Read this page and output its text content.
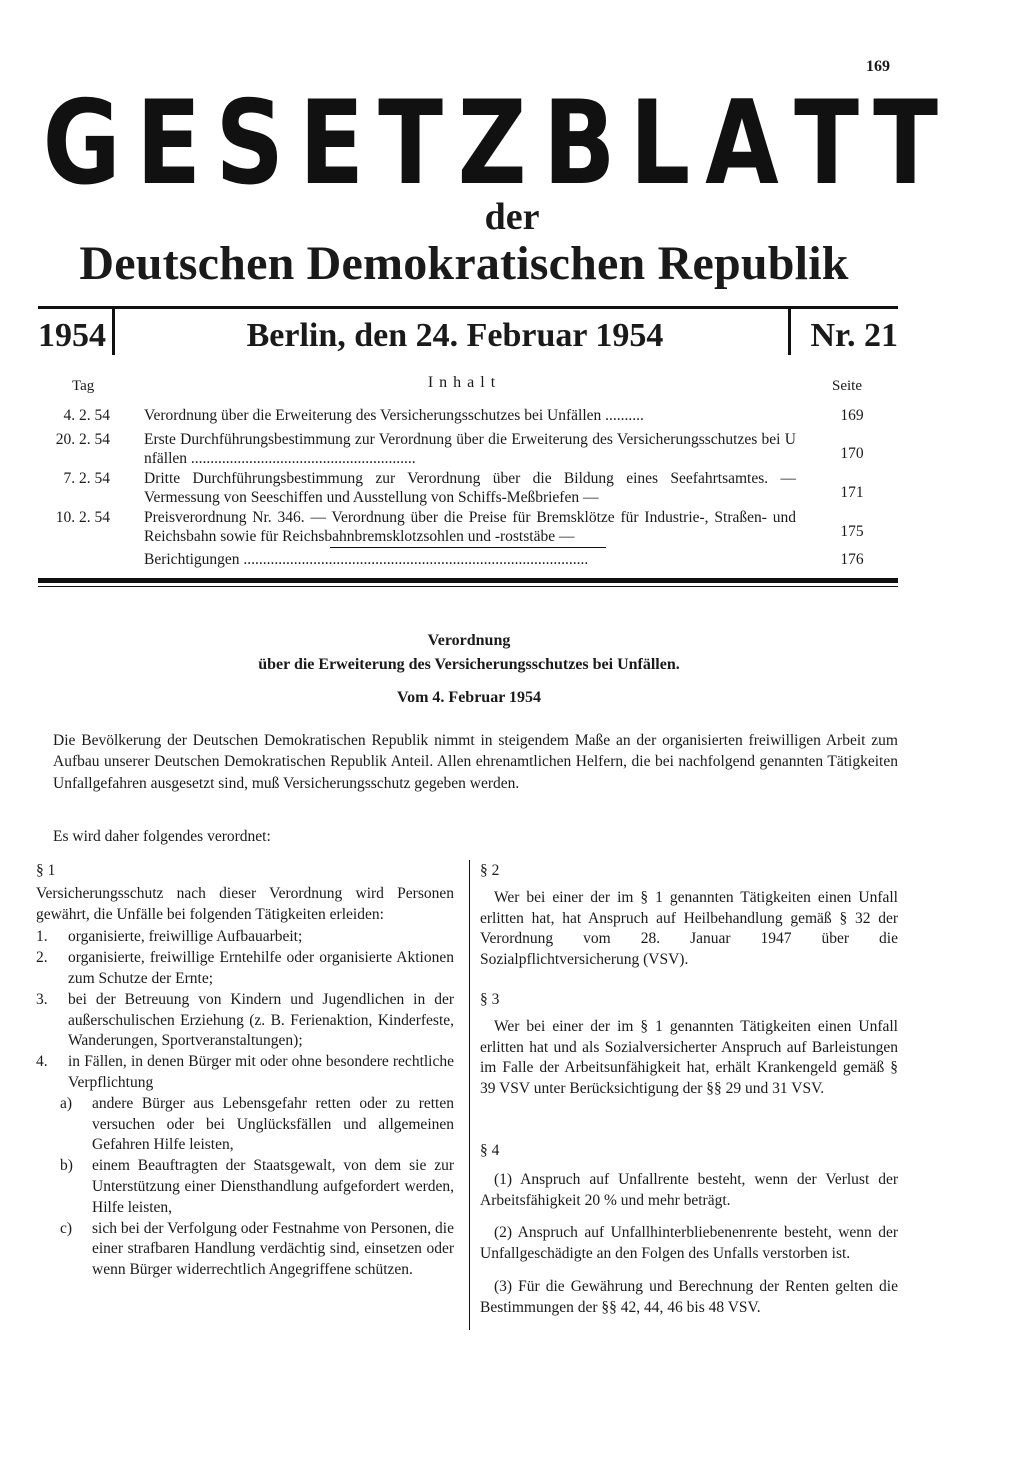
169
G E S E T Z B L A T T
der
Deutschen Demokratischen Republik
1954	Berlin, den 24. Februar 1954	Nr. 21
Tag	I n h a l t	Seite
4. 2. 54 Verordnung über die Erweiterung des Versicherungsschutzes bei Unfällen ..........	169
20. 2. 54 Erste Durchführungsbestimmung zur Verordnung über die Erweiterung des Versicherungsschutzes bei Unfällen ..........................................................	170
7. 2. 54 Dritte Durchführungsbestimmung zur Verordnung über die Bildung eines Seefahrtsamtes. — Vermessung von Seeschiffen und Ausstellung von Schiffs-Meßbriefen —	171
10. 2. 54 Preisverordnung Nr. 346. — Verordnung über die Preise für Bremsklötze für Industrie-, Straßen- und Reichsbahn sowie für Reichsbahnbremsklotzsohlen und -roststäbe —	175
Berichtigungen .........................................................................................	176
Verordnung
über die Erweiterung des Versicherungsschutzes bei Unfällen.
Vom 4. Februar 1954
Die Bevölkerung der Deutschen Demokratischen Republik nimmt in steigendem Maße an der organisierten freiwilligen Arbeit zum Aufbau unserer Deutschen Demokratischen Republik Anteil. Allen ehrenamtlichen Helfern, die bei nachfolgend genannten Tätigkeiten Unfallgefahren ausgesetzt sind, muß Versicherungsschutz gegeben werden.
Es wird daher folgendes verordnet:

§ 1

Versicherungsschutz nach dieser Verordnung wird Personen gewährt, die Unfälle bei folgenden Tätigkeiten erleiden:

1. organisierte, freiwillige Aufbauarbeit;
2. organisierte, freiwillige Erntehilfe oder organisierte Aktionen zum Schutze der Ernte;
3. bei der Betreuung von Kindern und Jugendlichen in der außerschulischen Erziehung (z. B. Ferienaktion, Kinderfeste, Wanderungen, Sportveranstaltungen);
4. in Fällen, in denen Bürger mit oder ohne besondere rechtliche Verpflichtung
a) andere Bürger aus Lebensgefahr retten oder zu retten versuchen oder bei Unglücksfällen und allgemeinen Gefahren Hilfe leisten,
b) einem Beauftragten der Staatsgewalt, von dem sie zur Unterstützung einer Diensthandlung aufgefordert werden, Hilfe leisten,
c) sich bei der Verfolgung oder Festnahme von Personen, die einer strafbaren Handlung verdächtig sind, einsetzen oder wenn Bürger widerrechtlich Angegriffene schützen.

§ 2

Wer bei einer der im § 1 genannten Tätigkeiten einen Unfall erlitten hat, hat Anspruch auf Heilbehandlung gemäß § 32 der Verordnung vom 28. Januar 1947 über die Sozialpflichtversicherung (VSV).

§ 3

Wer bei einer der im § 1 genannten Tätigkeiten einen Unfall erlitten hat und als Sozialversicherter Anspruch auf Barleistungen im Falle der Arbeitsunfähigkeit hat, erhält Krankengeld gemäß § 39 VSV unter Berücksichtigung der §§ 29 und 31 VSV.

§ 4

(1) Anspruch auf Unfallrente besteht, wenn der Verlust der Arbeitsfähigkeit 20 % und mehr beträgt.

(2) Anspruch auf Unfallhinterbliebenenrente besteht, wenn der Unfallgeschädigte an den Folgen des Unfalls verstorben ist.

(3) Für die Gewährung und Berechnung der Renten gelten die Bestimmungen der §§ 42, 44, 46 bis 48 VSV.
